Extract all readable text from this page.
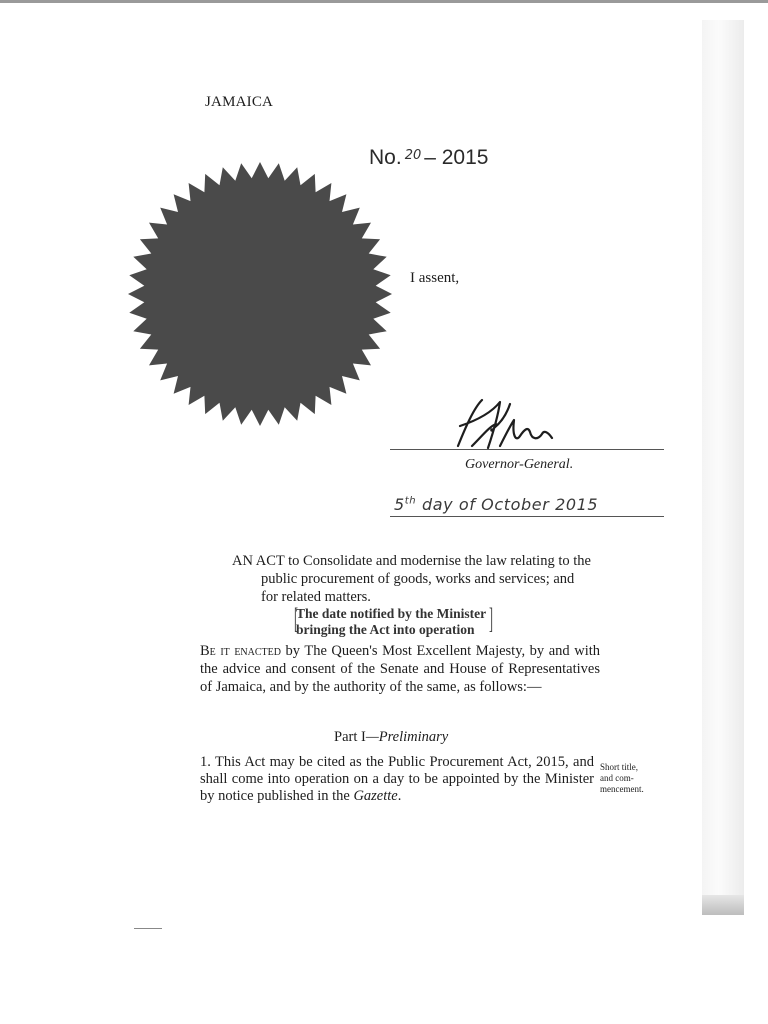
JAMAICA
No. $^{20}$ – 2015
I assent,
Governor-General.
5th day of October 2015
AN ACT to Consolidate and modernise the law relating to the
public procurement of goods, works and services; and
for related matters.
[
The date notified by the Minister
bringing the Act into operation ]
Be it enacted by The Queen's Most Excellent Majesty, by and with the advice and consent of the Senate and House of Representatives of Jamaica, and by the authority of the same, as follows:—
Part I—Preliminary
1. This Act may be cited as the Public Procurement Act, 2015, and shall come into operation on a day to be appointed by the Minister by notice published in the Gazette.
Short title,
and com-
mencement.
